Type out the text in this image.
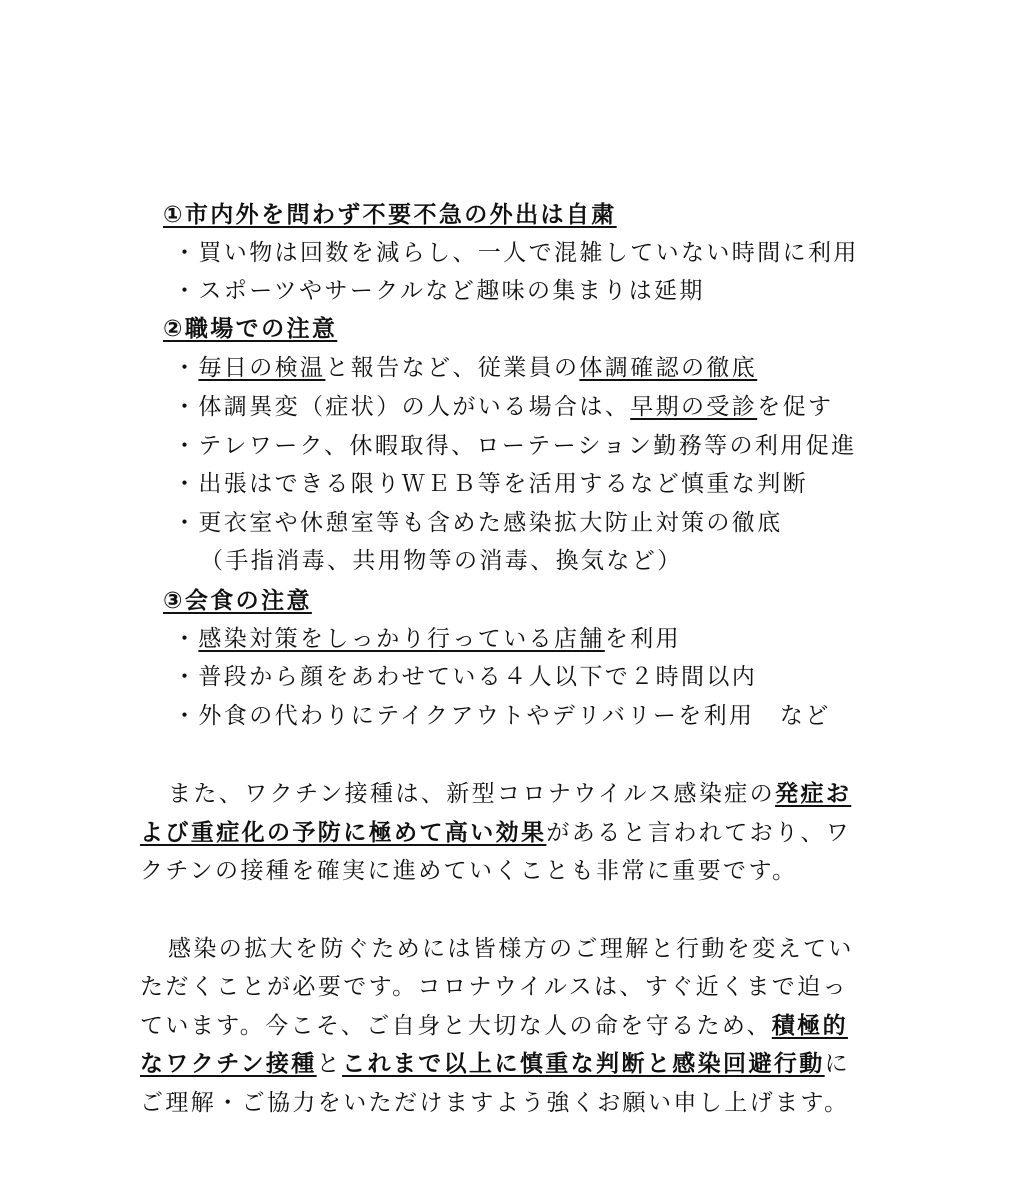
①市内外を問わず不要不急の外出は自粛
・買い物は回数を減らし、一人で混雑していない時間に利用
・スポーツやサークルなど趣味の集まりは延期
②職場での注意
・毎日の検温と報告など、従業員の体調確認の徹底
・体調異変（症状）の人がいる場合は、早期の受診を促す
・テレワーク、休暇取得、ローテーション勤務等の利用促進
・出張はできる限りＷＥＢ等を活用するなど慎重な判断
・更衣室や休憩室等も含めた感染拡大防止対策の徹底
（手指消毒、共用物等の消毒、換気など）
③会食の注意
・感染対策をしっかり行っている店舗を利用
・普段から顔をあわせている４人以下で２時間以内
・外食の代わりにテイクアウトやデリバリーを利用　など
また、ワクチン接種は、新型コロナウイルス感染症の発症お
よび重症化の予防に極めて高い効果があると言われており、ワ
クチンの接種を確実に進めていくことも非常に重要です。
感染の拡大を防ぐためには皆様方のご理解と行動を変えてい
ただくことが必要です。コロナウイルスは、すぐ近くまで迫っ
ています。今こそ、ご自身と大切な人の命を守るため、積極的
なワクチン接種とこれまで以上に慎重な判断と感染回避行動に
ご理解・ご協力をいただけますよう強くお願い申し上げます。
